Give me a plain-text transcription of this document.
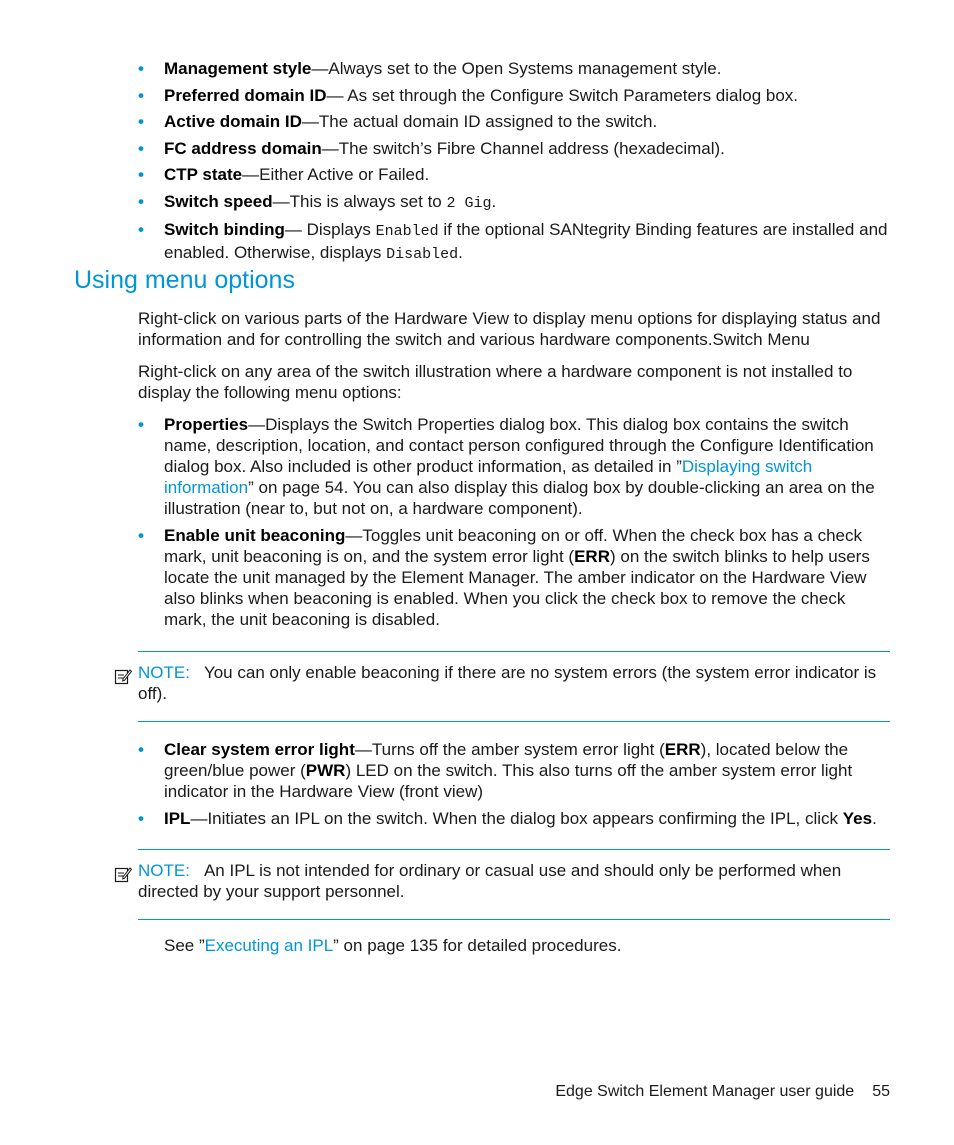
• Management style—Always set to the Open Systems management style.
• Preferred domain ID— As set through the Configure Switch Parameters dialog box.
• Active domain ID—The actual domain ID assigned to the switch.
• FC address domain—The switch’s Fibre Channel address (hexadecimal).
• CTP state—Either Active or Failed.
• Switch speed—This is always set to 2 Gig.
• Switch binding— Displays Enabled if the optional SANtegrity Binding features are installed and enabled. Otherwise, displays Disabled.
Using menu options

Right-click on various parts of the Hardware View to display menu options for displaying status and information and for controlling the switch and various hardware components.Switch Menu

Right-click on any area of the switch illustration where a hardware component is not installed to display the following menu options:

• Properties—Displays the Switch Properties dialog box. This dialog box contains the switch name, description, location, and contact person configured through the Configure Identification dialog box. Also included is other product information, as detailed in ”Displaying switch information” on page 54. You can also display this dialog box by double-clicking an area on the illustration (near to, but not on, a hardware component).
• Enable unit beaconing—Toggles unit beaconing on or off. When the check box has a check mark, unit beaconing is on, and the system error light (ERR) on the switch blinks to help users locate the unit managed by the Element Manager. The amber indicator on the Hardware View also blinks when beaconing is enabled. When you click the check box to remove the check mark, the unit beaconing is disabled.
NOTE: You can only enable beaconing if there are no system errors (the system error indicator is off).
• Clear system error light—Turns off the amber system error light (ERR), located below the green/blue power (PWR) LED on the switch. This also turns off the amber system error light indicator in the Hardware View (front view)
• IPL—Initiates an IPL on the switch. When the dialog box appears confirming the IPL, click Yes.
NOTE: An IPL is not intended for ordinary or casual use and should only be performed when directed by your support personnel.

See ”Executing an IPL” on page 135 for detailed procedures.

Edge Switch Element Manager user guide 55
